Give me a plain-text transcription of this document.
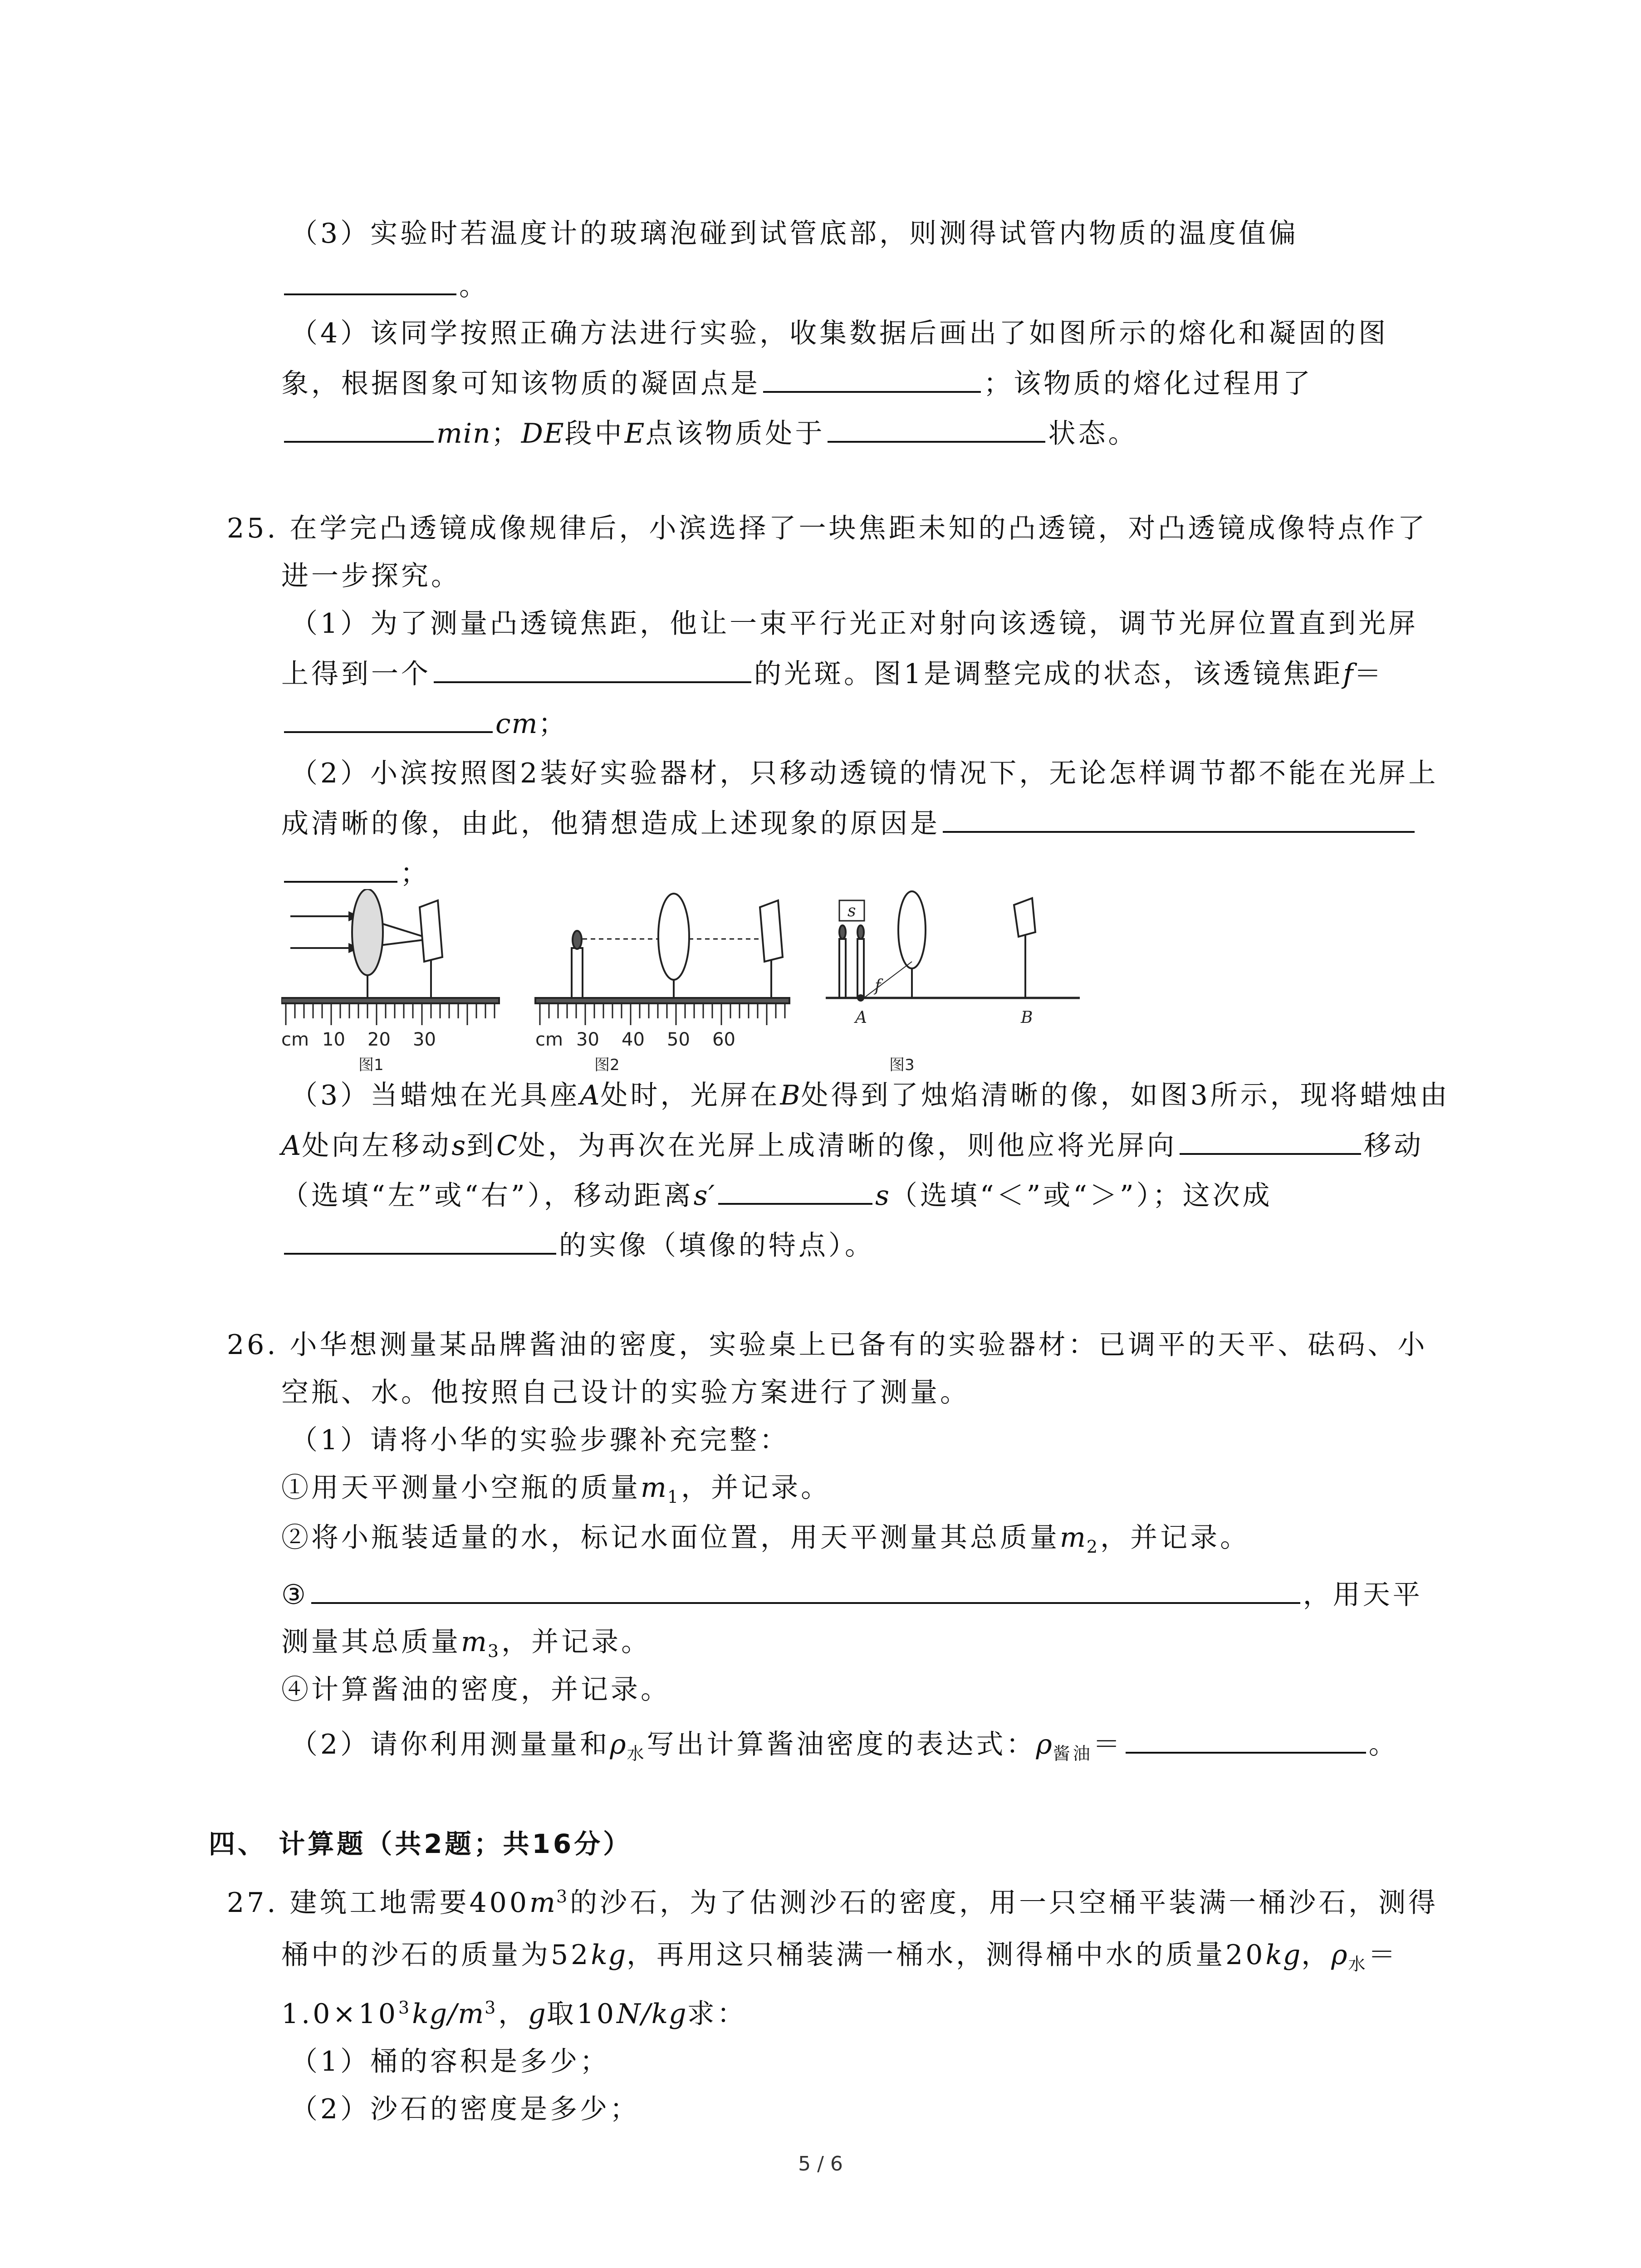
（3）实验时若温度计的玻璃泡碰到试管底部，则测得试管内物质的温度值偏
。
（4）该同学按照正确方法进行实验，收集数据后画出了如图所示的熔化和凝固的图
象，根据图象可知该物质的凝固点是	；该物质的熔化过程用了
min；DE段中E点该物质处于	状态。
25. 在学完凸透镜成像规律后，小滨选择了一块焦距未知的凸透镜，对凸透镜成像特点作了
进一步探究。
（1）为了测量凸透镜焦距，他让一束平行光正对射向该透镜，调节光屏位置直到光屏
上得到一个	的光斑。图1是调整完成的状态，该透镜焦距f＝
cm；
（2）小滨按照图2装好实验器材，只移动透镜的情况下，无论怎样调节都不能在光屏上
成清晰的像，由此，他猜想造成上述现象的原因是
；
cm 10 20 30	cm 30 40 50 60
s
f
A	B
图1	图2	图3
（3）当蜡烛在光具座A处时，光屏在B处得到了烛焰清晰的像，如图3所示，现将蜡烛由
A处向左移动s到C处，为再次在光屏上成清晰的像，则他应将光屏向	移动
（选填“左”或“右”），移动距离s′	s（选填“＜”或“＞”）；这次成
的实像（填像的特点）。
26. 小华想测量某品牌酱油的密度，实验桌上已备有的实验器材：已调平的天平、砝码、小
空瓶、水。他按照自己设计的实验方案进行了测量。
（1）请将小华的实验步骤补充完整：
①用天平测量小空瓶的质量$m_1$，并记录。
②将小瓶装适量的水，标记水面位置，用天平测量其总质量$m_2$，并记录。
③	，用天平
测量其总质量$m_3$，并记录。
④计算酱油的密度，并记录。
（2）请你利用测量量和$\rho_水$写出计算酱油密度的表达式：$\rho_{酱油}=$	。
四、 计算题（共2题；共16分）
27. 建筑工地需要$400m^3$的沙石，为了估测沙石的密度，用一只空桶平装满一桶沙石，测得
桶中的沙石的质量为52kg，再用这只桶装满一桶水，测得桶中水的质量20kg，$\rho_水=$
$1.0\times 10^3kg/m^3$，g取10N/kg求：
（1）桶的容积是多少；
（2）沙石的密度是多少；
5 / 6
